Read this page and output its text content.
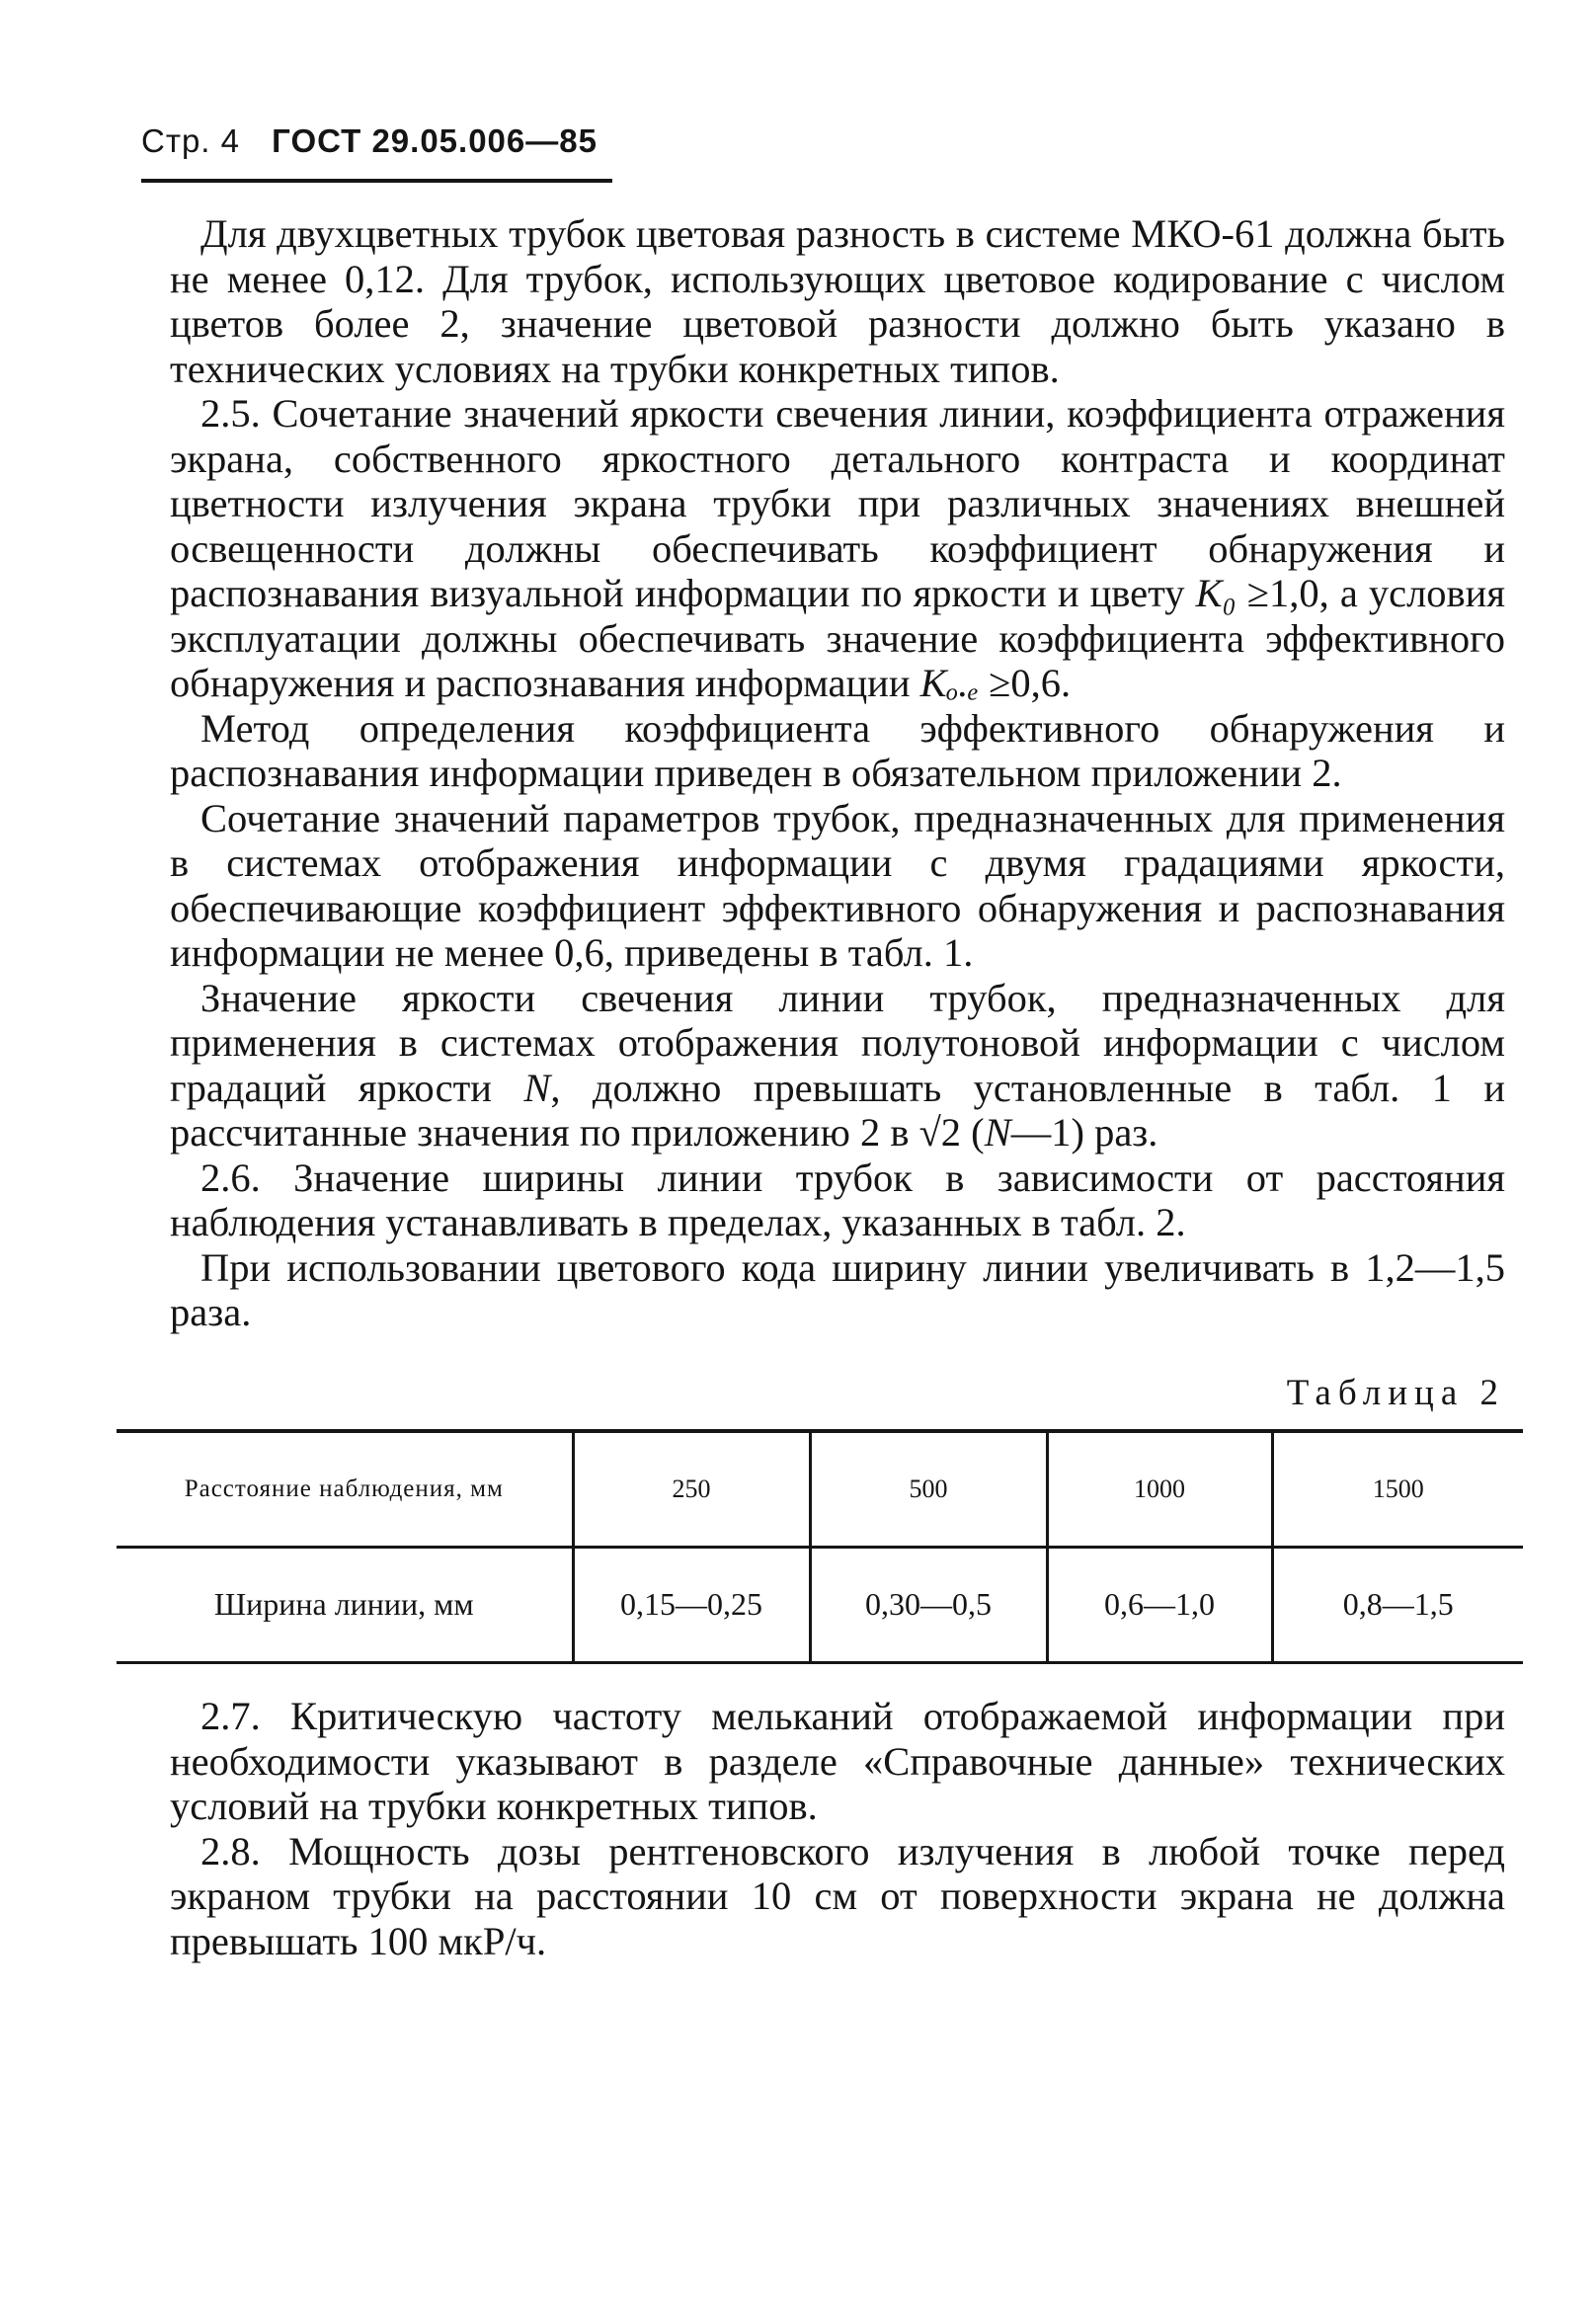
Стр. 4 ГОСТ 29.05.006—85

Для двухцветных трубок цветовая разность в системе МКО-61 должна быть не менее 0,12. Для трубок, использующих цветовое кодирование с числом цветов более 2, значение цветовой разности должно быть указано в технических условиях на трубки конкретных типов.

2.5. Сочетание значений яркости свечения линии, коэффициента отражения экрана, собственного яркостного детального контраста и координат цветности излучения экрана трубки при различных значениях внешней освещенности должны обеспечивать коэффициент обнаружения и распознавания визуальной информации по яркости и цвету K₀ ≥1,0, а условия эксплуатации должны обеспечивать значение коэффициента эффективного обнаружения и распознавания информации Kₒ.ₑ ≥0,6.

Метод определения коэффициента эффективного обнаружения и распознавания информации приведен в обязательном приложении 2.

Сочетание значений параметров трубок, предназначенных для применения в системах отображения информации с двумя градациями яркости, обеспечивающие коэффициент эффективного обнаружения и распознавания информации не менее 0,6, приведены в табл. 1.

Значение яркости свечения линии трубок, предназначенных для применения в системах отображения полутоновой информации с числом градаций яркости N, должно превышать установленные в табл. 1 и рассчитанные значения по приложению 2 в √2 (N—1) раз.

2.6. Значение ширины линии трубок в зависимости от расстояния наблюдения устанавливать в пределах, указанных в табл. 2.

При использовании цветового кода ширину линии увеличивать в 1,2—1,5 раза.

Таблица 2
Расстояние наблюдения, мм	250	500	1000	1500
Ширина линии, мм	0,15—0,25	0,30—0,5	0,6—1,0	0,8—1,5

2.7. Критическую частоту мельканий отображаемой информации при необходимости указывают в разделе «Справочные данные» технических условий на трубки конкретных типов.

2.8. Мощность дозы рентгеновского излучения в любой точке перед экраном трубки на расстоянии 10 см от поверхности экрана не должна превышать 100 мкР/ч.
